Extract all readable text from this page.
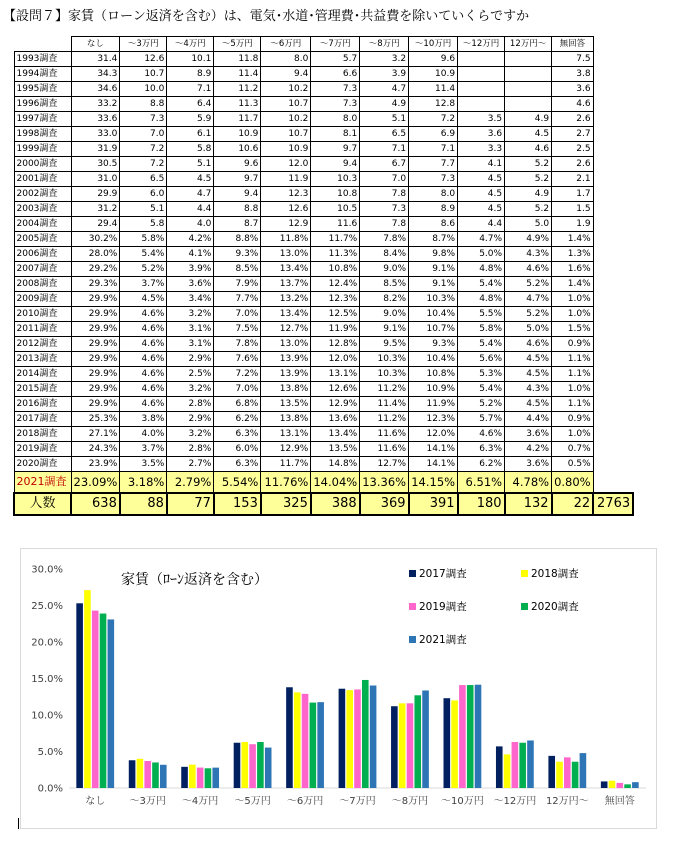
【設問７】家賃（ローン返済を含む）は、電気･水道･管理費･共益費を除いていくらですか
	なし	～3万円	～4万円	～5万円	～6万円	～7万円	～8万円	～10万円	～12万円	12万円～	無回答	
1993調査	31.4	12.6	10.1	11.8	8.0	5.7	3.2	9.6			7.5	
1994調査	34.3	10.7	8.9	11.4	9.4	6.6	3.9	10.9			3.8	
1995調査	34.6	10.0	7.1	11.2	10.2	7.3	4.7	11.4			3.6	
1996調査	33.2	8.8	6.4	11.3	10.7	7.3	4.9	12.8			4.6	
1997調査	33.6	7.3	5.9	11.7	10.2	8.0	5.1	7.2	3.5	4.9	2.6	
1998調査	33.0	7.0	6.1	10.9	10.7	8.1	6.5	6.9	3.6	4.5	2.7	
1999調査	31.9	7.2	5.8	10.6	10.9	9.7	7.1	7.1	3.3	4.6	2.5	
2000調査	30.5	7.2	5.1	9.6	12.0	9.4	6.7	7.7	4.1	5.2	2.6	
2001調査	31.0	6.5	4.5	9.7	11.9	10.3	7.0	7.3	4.5	5.2	2.1	
2002調査	29.9	6.0	4.7	9.4	12.3	10.8	7.8	8.0	4.5	4.9	1.7	
2003調査	31.2	5.1	4.4	8.8	12.6	10.5	7.3	8.9	4.5	5.2	1.5	
2004調査	29.4	5.8	4.0	8.7	12.9	11.6	7.8	8.6	4.4	5.0	1.9	
2005調査	30.2%	5.8%	4.2%	8.8%	11.8%	11.7%	7.8%	8.7%	4.7%	4.9%	1.4%	
2006調査	28.0%	5.4%	4.1%	9.3%	13.0%	11.3%	8.4%	9.8%	5.0%	4.3%	1.3%	
2007調査	29.2%	5.2%	3.9%	8.5%	13.4%	10.8%	9.0%	9.1%	4.8%	4.6%	1.6%	
2008調査	29.3%	3.7%	3.6%	7.9%	13.7%	12.4%	8.5%	9.1%	5.4%	5.2%	1.4%	
2009調査	29.9%	4.5%	3.4%	7.7%	13.2%	12.3%	8.2%	10.3%	4.8%	4.7%	1.0%	
2010調査	29.9%	4.6%	3.2%	7.0%	13.4%	12.5%	9.0%	10.4%	5.5%	5.2%	1.0%	
2011調査	29.9%	4.6%	3.1%	7.5%	12.7%	11.9%	9.1%	10.7%	5.8%	5.0%	1.5%	
2012調査	29.9%	4.6%	3.1%	7.8%	13.0%	12.8%	9.5%	9.3%	5.4%	4.6%	0.9%	
2013調査	29.9%	4.6%	2.9%	7.6%	13.9%	12.0%	10.3%	10.4%	5.6%	4.5%	1.1%	
2014調査	29.9%	4.6%	2.5%	7.2%	13.9%	13.1%	10.3%	10.8%	5.3%	4.5%	1.1%	
2015調査	29.9%	4.6%	3.2%	7.0%	13.8%	12.6%	11.2%	10.9%	5.4%	4.3%	1.0%	
2016調査	29.9%	4.6%	2.8%	6.8%	13.5%	12.9%	11.4%	11.9%	5.2%	4.5%	1.1%	
2017調査	25.3%	3.8%	2.9%	6.2%	13.8%	13.6%	11.2%	12.3%	5.7%	4.4%	0.9%	
2018調査	27.1%	4.0%	3.2%	6.3%	13.1%	13.4%	11.6%	12.0%	4.6%	3.6%	1.0%	
2019調査	24.3%	3.7%	2.8%	6.0%	12.9%	13.5%	11.6%	14.1%	6.3%	4.2%	0.7%	
2020調査	23.9%	3.5%	2.7%	6.3%	11.7%	14.8%	12.7%	14.1%	6.2%	3.6%	0.5%	
2021調査	23.09%	3.18%	2.79%	5.54%	11.76%	14.04%	13.36%	14.15%	6.51%	4.78%	0.80%	
人数	638	88	77	153	325	388	369	391	180	132	22	2763
0.0%
5.0%
10.0%
15.0%
20.0%
25.0%
30.0%
なし ～3万円 ～4万円 ～5万円 ～6万円 ～7万円 ～8万円 ～10万円 ～12万円 12万円～ 無回答
家賃（ﾛｰﾝ返済を含む）	2017調査	2018調査
2019調査	2020調査
2021調査
